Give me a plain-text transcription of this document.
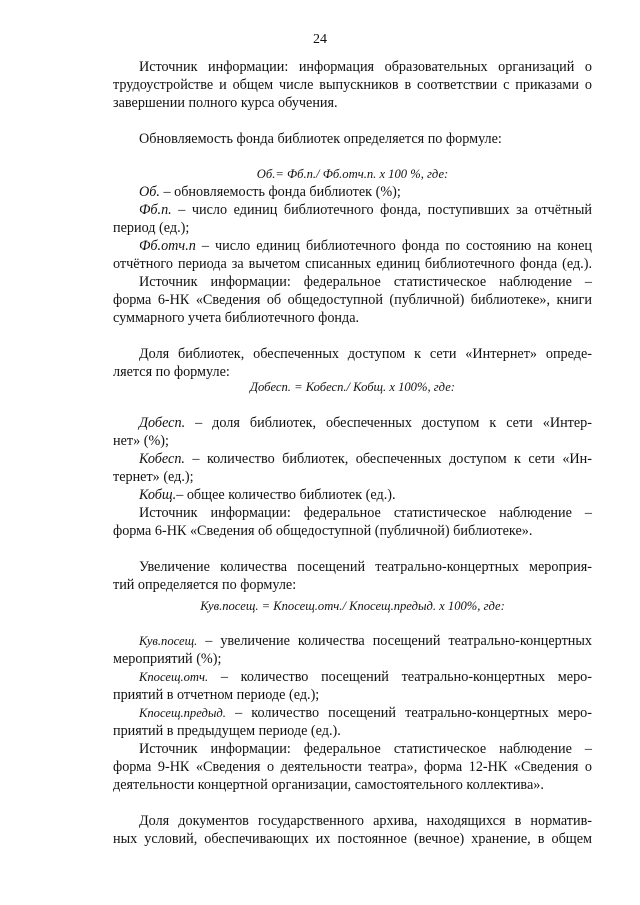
24
Источник информации: информация образовательных организаций о
трудоустройстве и общем числе выпускников в соответствии с приказами о
завершении полного курса обучения.
Обновляемость фонда библиотек определяется по формуле:
Об.= Фб.п./ Фб.отч.п. х 100 %, где:
Об. – обновляемость фонда библиотек (%);
Фб.п. – число единиц библиотечного фонда, поступивших за отчётный
период (ед.);
Фб.отч.п – число единиц библиотечного фонда по состоянию на конец
отчётного периода за вычетом списанных единиц библиотечного фонда (ед.).
Источник информации: федеральное статистическое наблюдение –
форма 6-НК «Сведения об общедоступной (публичной) библиотеке», книги
суммарного учета библиотечного фонда.
Доля библиотек, обеспеченных доступом к сети «Интернет» опреде-
ляется по формуле:
Добесп. = Кобесп./ Кобщ. х 100%, где:
Добесп. – доля библиотек, обеспеченных доступом к сети «Интер-
нет» (%);
Кобесп. – количество библиотек, обеспеченных доступом к сети «Ин-
тернет» (ед.);
Кобщ.– общее количество библиотек (ед.).
Источник информации: федеральное статистическое наблюдение –
форма 6-НК «Сведения об общедоступной (публичной) библиотеке».
Увеличение количества посещений театрально-концертных мероприя-
тий определяется по формуле:
Кув.посещ. = Кпосещ.отч./ Кпосещ.предыд. х 100%, где:
Кув.посещ. – увеличение количества посещений театрально-концертных
мероприятий (%);
Кпосещ.отч. – количество посещений театрально-концертных меро-
приятий в отчетном периоде (ед.);
Кпосещ.предыд. – количество посещений театрально-концертных меро-
приятий в предыдущем периоде (ед.).
Источник информации: федеральное статистическое наблюдение –
форма 9-НК «Сведения о деятельности театра», форма 12-НК «Сведения о
деятельности концертной организации, самостоятельного коллектива».
Доля документов государственного архива, находящихся в норматив-
ных условий, обеспечивающих их постоянное (вечное) хранение, в общем
